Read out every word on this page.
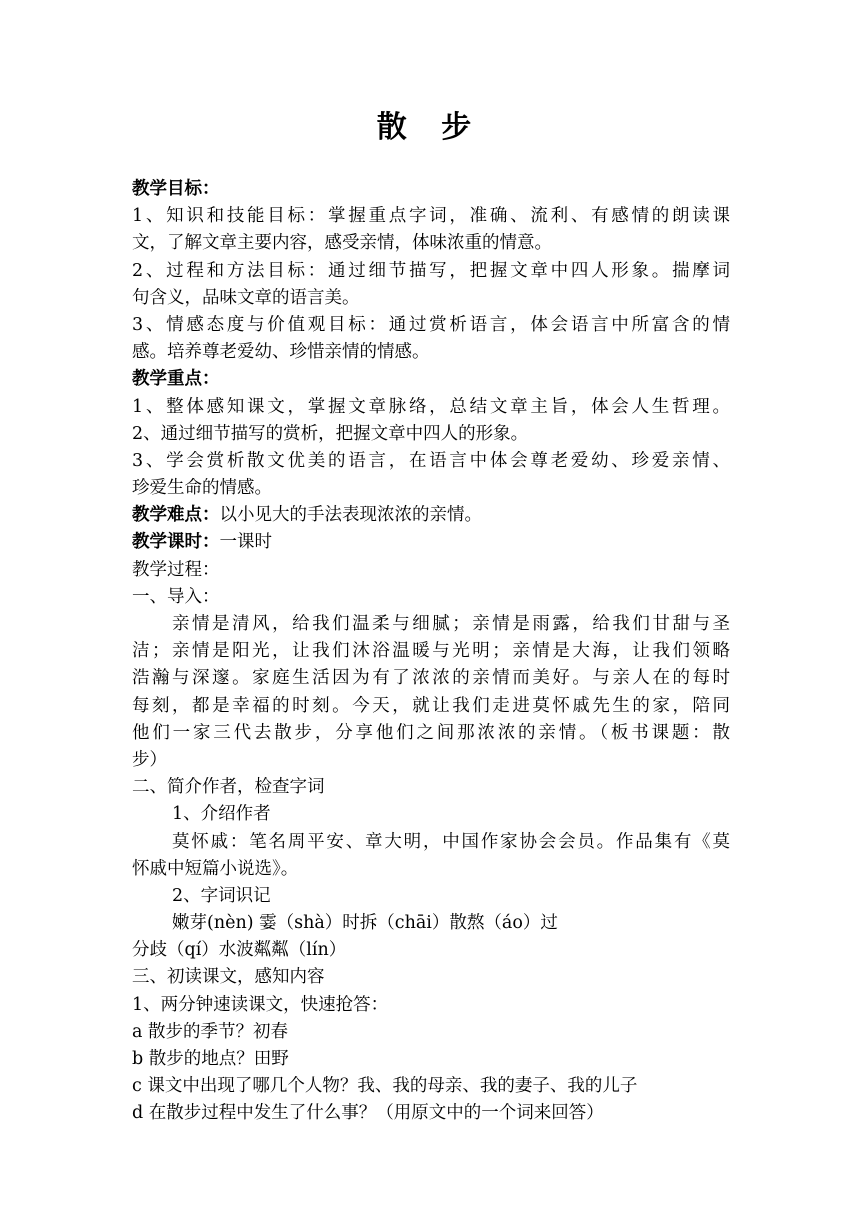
散 步
教学目标：
1、知识和技能目标：掌握重点字词，准确、流利、有感情的朗读课
文，了解文章主要内容，感受亲情，体味浓重的情意。
2、过程和方法目标：通过细节描写，把握文章中四人形象。揣摩词
句含义，品味文章的语言美。
3、情感态度与价值观目标：通过赏析语言，体会语言中所富含的情
感。培养尊老爱幼、珍惜亲情的情感。
教学重点：
1、整体感知课文，掌握文章脉络，总结文章主旨，体会人生哲理。
2、通过细节描写的赏析，把握文章中四人的形象。
3、学会赏析散文优美的语言，在语言中体会尊老爱幼、珍爱亲情、
珍爱生命的情感。
教学难点：以小见大的手法表现浓浓的亲情。
教学课时：一课时
教学过程：
一、导入：
亲情是清风，给我们温柔与细腻；亲情是雨露，给我们甘甜与圣
洁；亲情是阳光，让我们沐浴温暖与光明；亲情是大海，让我们领略
浩瀚与深邃。家庭生活因为有了浓浓的亲情而美好。与亲人在的每时
每刻，都是幸福的时刻。今天，就让我们走进莫怀戚先生的家，陪同
他们一家三代去散步，分享他们之间那浓浓的亲情。（板书课题：散
步）
二、简介作者，检查字词
1、介绍作者
莫怀戚：笔名周平安、章大明，中国作家协会会员。作品集有《莫
怀戚中短篇小说选》。
2、字词识记
嫩芽(nèn) 霎（shà）时拆（chāi）散熬（áo）过
分歧（qí）水波粼粼（lín）
三、初读课文，感知内容
1、两分钟速读课文，快速抢答：
a 散步的季节？初春
b 散步的地点？田野
c 课文中出现了哪几个人物？我、我的母亲、我的妻子、我的儿子
d 在散步过程中发生了什么事？（用原文中的一个词来回答）
